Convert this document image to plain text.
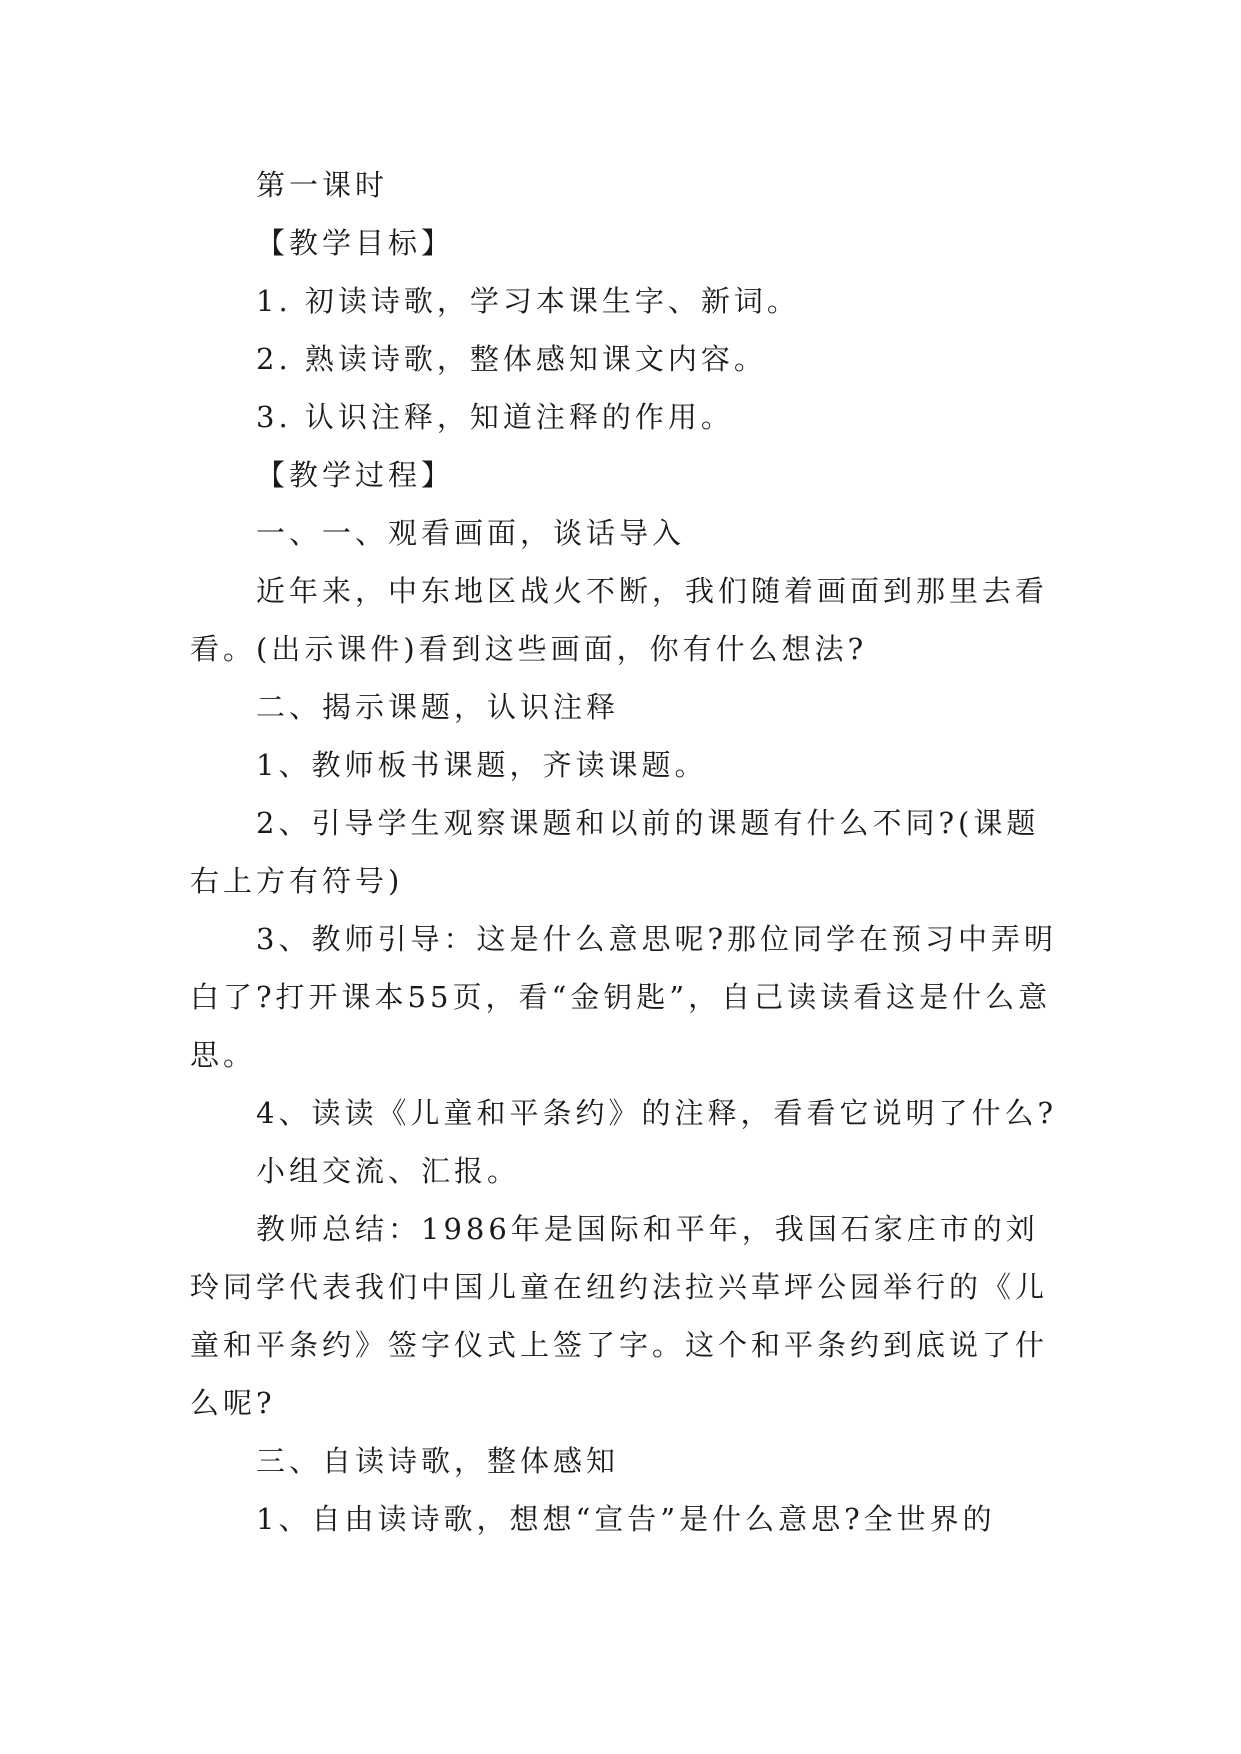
第一课时

【教学目标】

1. 初读诗歌，学习本课生字、新词。

2. 熟读诗歌，整体感知课文内容。

3. 认识注释，知道注释的作用。

【教学过程】

一、一、观看画面，谈话导入

近年来，中东地区战火不断，我们随着画面到那里去看看。(出示课件)看到这些画面，你有什么想法?

二、揭示课题，认识注释

1、教师板书课题，齐读课题。

2、引导学生观察课题和以前的课题有什么不同?(课题右上方有符号)

3、教师引导：这是什么意思呢?那位同学在预习中弄明白了?打开课本55页，看“金钥匙”，自己读读看这是什么意思。

4、读读《儿童和平条约》的注释，看看它说明了什么?

小组交流、汇报。

教师总结：1986年是国际和平年，我国石家庄市的刘玲同学代表我们中国儿童在纽约法拉兴草坪公园举行的《儿童和平条约》签字仪式上签了字。这个和平条约到底说了什么呢?

三、自读诗歌，整体感知

1、自由读诗歌，想想“宣告”是什么意思?全世界的
